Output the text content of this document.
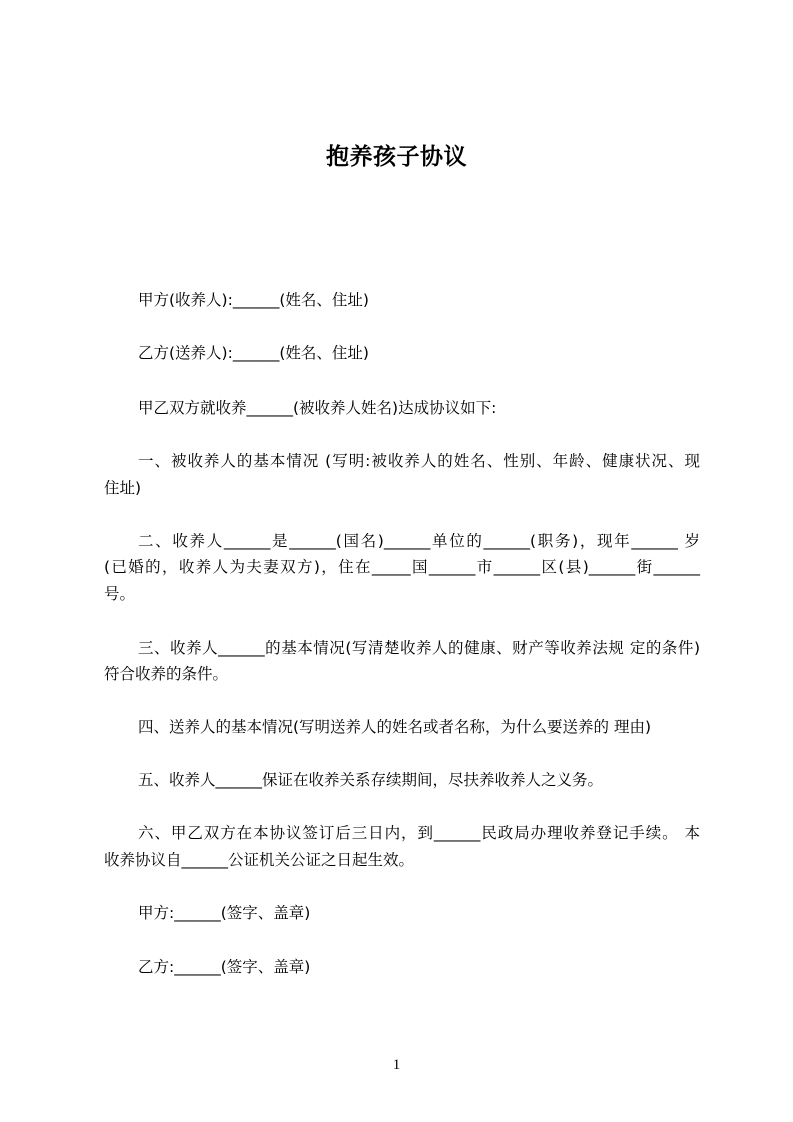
抱养孩子协议
甲方(收养人):______(姓名、住址)
乙方(送养人):______(姓名、住址)
甲乙双方就收养______(被收养人姓名)达成协议如下:
一、被收养人的基本情况 (写明:被收养人的姓名、性别、年龄、健康状况、现
住址)
二、收养人______是______(国名)______单位的______(职务)，现年______ 岁
(已婚的，收养人为夫妻双方)，住在_____国______市______区(县)______街______
号。
三、收养人______的基本情况(写清楚收养人的健康、财产等收养法规 定的条件)
符合收养的条件。
四、送养人的基本情况(写明送养人的姓名或者名称，为什么要送养的 理由)
五、收养人______保证在收养关系存续期间，尽扶养收养人之义务。
六、甲乙双方在本协议签订后三日内，到______民政局办理收养登记手续。 本
收养协议自______公证机关公证之日起生效。
甲方:______(签字、盖章)
乙方:______(签字、盖章)
1
